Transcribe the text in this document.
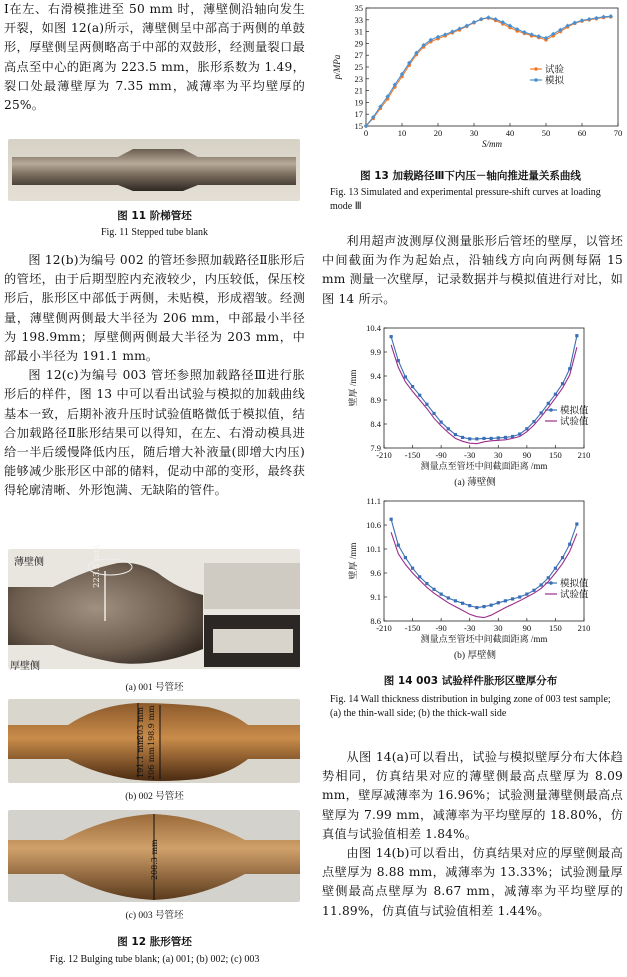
Ⅰ在左、右滑模推进至 50 mm 时，薄壁侧沿轴向发生开裂，如图 12(a)所示，薄壁侧呈中部高于两侧的单鼓形，厚壁侧呈两侧略高于中部的双鼓形，经测量裂口最高点至中心的距离为 223.5 mm，胀形系数为 1.49，裂口处最薄壁厚为 7.35 mm，减薄率为平均壁厚的 25%。

图 11 阶梯管坯
Fig. 11 Stepped tube blank

图 12(b)为编号 002 的管坯参照加载路径Ⅱ胀形后的管坯，由于后期型腔内充液较少，内压较低，保压校形后，胀形区中部低于两侧，未贴模，形成褶皱。经测量，薄壁侧两侧最大半径为 206 mm，中部最小半径为 198.9mm；厚壁侧两侧最大半径为 203 mm，中部最小半径为 191.1 mm。

图 12(c)为编号 003 管坯参照加载路径Ⅲ进行胀形后的样件，图 13 中可以看出试验与模拟的加载曲线基本一致，后期补液升压时试验值略微低于模拟值，结合加载路径Ⅱ胀形结果可以得知，在左、右滑动模具进给一半后缓慢降低内压，随后增大补液量(即增大内压)能够减少胀形区中部的储料，促动中部的变形，最终获得轮廓清晰、外形饱满、无缺陷的管件。

薄壁侧
厚壁侧
223.5 mm
(a) 001 号管坯
203 mm 198.9 mm
191.1 mm 206 mm
(b) 002 号管坯
208.3 mm
(c) 003 号管坯
图 12 胀形管坯
Fig. 12 Bulging tube blank; (a) 001; (b) 002; (c) 003
0	10	20	30	40	50	60	70
15
17
19
21
23
25
27
29
31
33
35
S/mm
p/MPa	试验
模拟
图 13 加载路径Ⅲ下内压－轴向推进量关系曲线
Fig. 13 Simulated and experimental pressure-shift curves at loading mode Ⅲ

利用超声波测厚仪测量胀形后管坯的壁厚，以管坯中间截面为作为起始点，沿轴线方向向两侧每隔 15 mm 测量一次壁厚，记录数据并与模拟值进行对比，如图 14 所示。

-210 -150 -90 -30 30 90 150 210
7.9
8.4
8.9
9.4
9.9
10.4
测量点至管坯中间截面距离 /mm
壁厚 /mm
模拟值
试验值
(a) 薄壁侧
-210 -150 -90 -30 30 90 150 210
8.6
9.1
9.6
10.1
10.6
11.1
测量点至管坯中间截面距离 /mm
壁厚 /mm
模拟值
试验值
(b) 厚壁侧
图 14 003 试验样件胀形区壁厚分布
Fig. 14 Wall thickness distribution in bulging zone of 003 test sample; (a) the thin-wall side; (b) the thick-wall side

从图 14(a)可以看出，试验与模拟壁厚分布大体趋势相同，仿真结果对应的薄壁侧最高点壁厚为 8.09 mm，壁厚减薄率为 16.96%；试验测量薄壁侧最高点壁厚为 7.99 mm，减薄率为平均壁厚的 18.80%，仿真值与试验值相差 1.84%。

由图 14(b)可以看出，仿真结果对应的厚壁侧最高点壁厚为 8.88 mm，减薄率为 13.33%；试验测量厚壁侧最高点壁厚为 8.67 mm，减薄率为平均壁厚的 11.89%，仿真值与试验值相差 1.44%。
